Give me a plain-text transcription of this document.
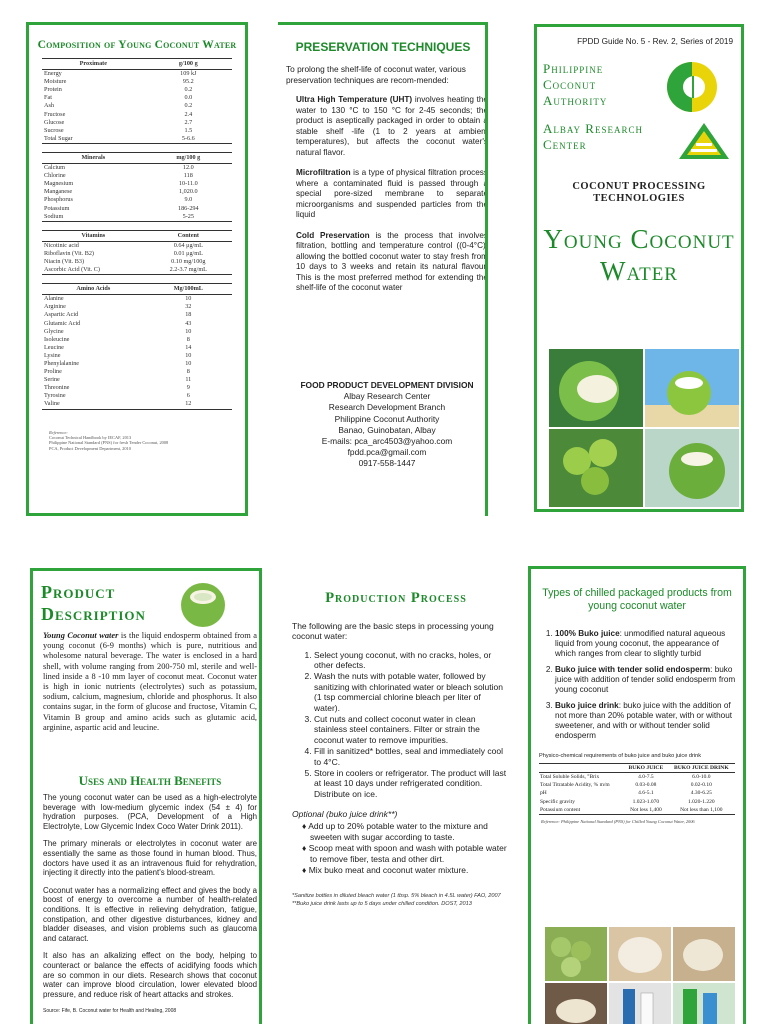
Composition of Young Coconut Water
Proximate	g/100 g
Energy	109 kJ
Moisture	95.2
Protein	0.2
Fat	0.0
Ash	0.2
Fructose	2.4
Glucose	2.7
Sucrose	1.5
Total Sugar	5-6.6
Minerals	mg/100 g
Calcium	12.0
Chlorine	118
Magnesium	10-11.0
Manganese	1,020.0
Phosphorus	9.0
Potassium	186-294
Sodium	5-25
Vitamins	Content
Nicotinic acid	0.64 μg/mL
Riboflavin (Vit. B2)	0.01 μg/mL
Niacin (Vit. B3)	0.10 mg/100g
Ascorbic Acid (Vit. C)	2.2-3.7 mg/mL
Amino Acids	Mg/100mL
Alanine	10
Arginine	32
Aspartic Acid	18
Glutamic Acid	43
Glycine	10
Isoleucine	8
Leucine	14
Lysine	10
Phenylalanine	10
Proline	8
Serine	11
Threonine	9
Tyrosine	6
Valine	12
Reference:
Coconut Technical Handbook by IECAF, 2013
Philippine National Standard (PNS) for fresh Tender Coconut, 2008
PCA, Product Development Department, 2010
PRESERVATION TECHNIQUES
To prolong the shelf-life of coconut water, various preservation techniques are recom-mended:
Ultra High Temperature (UHT) involves heating the water to 130 °C to 150 °C for 2-45 seconds; the product is aseptically packaged in order to obtain a stable shelf -life (1 to 2 years at ambient temperatures), but affects the coconut water's natural flavor.
Microfiltration is a type of physical filtration process where a contaminated fluid is passed through a special pore-sized membrane to separate microorganisms and suspended particles from the liquid
Cold Preservation is the process that involves filtration, bottling and temperature control ((0-4°C), allowing the bottled coconut water to stay fresh from 10 days to 3 weeks and retain its natural flavour. This is the most preferred method for extending the shelf-life of the coconut water
FOOD PRODUCT DEVELOPMENT DIVISION
Albay Research Center
Research Development Branch
Philippine Coconut Authority
Banao, Guinobatan, Albay
E-mails: pca_arc4503@yahoo.com
fpdd.pca@gmail.com
0917-558-1447
FPDD Guide No. 5 - Rev. 2, Series of 2019
Philippine Coconut Authority
Albay Research Center
COCONUT PROCESSING TECHNOLOGIES
Young Coconut Water
Product Description
Young Coconut water is the liquid endosperm obtained from a young coconut (6-9 months) which is pure, nutritious and wholesome natural beverage. The water is enclosed in a hard shell, with volume ranging from 200-750 ml, sterile and well-lined inside a 8 -10 mm layer of coconut meat. Coconut water is high in ionic nutrients (electrolytes) such as potassium, sodium, calcium, magnesium, chloride and phosphorus. It also contains sugar, in the form of glucose and fructose, Vitamin C, Vitamin B group and amino acids such as glutamic acid, arginine, aspartic acid and leucine.
Uses and Health Benefits

The young coconut water can be used as a high-electrolyte beverage with low-medium glycemic index (54 ± 4) for hydration purposes. (PCA, Development of a High Electrolyte, Low Glycemic Index Coco Water Drink 2011).

The primary minerals or electrolytes in coconut water are essentially the same as those found in human blood. Thus, doctors have used it as an intravenous fluid for rehydration, injecting it directly into the patient's blood-stream.

Coconut water has a normalizing effect and gives the body a boost of energy to overcome a number of health-related conditions. It is effective in relieving dehydration, fatigue, constipation, and other digestive disturbances, kidney and bladder diseases, and vision problems such as glaucoma and cataract.

It also has an alkalizing effect on the body, helping to counteract or balance the effects of acidifying foods which are so common in our diets. Research shows that coconut water can improve blood circulation, lower elevated blood pressure, and reduce risk of heart attacks and strokes.

Source: Fife, B. Coconut water for Health and Healing, 2008

Production Process
The following are the basic steps in processing young coconut water:
1. Select young coconut, with no cracks, holes, or other defects.
2. Wash the nuts with potable water, followed by sanitizing with chlorinated water or bleach solution (1 tsp commercial chlorine bleach per liter of water).
3. Cut nuts and collect coconut water in clean stainless steel containers. Filter or strain the coconut water to remove impurities.
4. Fill in sanitized* bottles, seal and immediately cool to 4°C.
5. Store in coolers or refrigerator. The product will last at least 10 days under refrigerated condition. Distribute on ice.
Optional (buko juice drink**)
♦ Add up to 20% potable water to the mixture and sweeten with sugar according to taste.
♦ Scoop meat with spoon and wash with potable water to remove fiber, testa and other dirt.
♦ Mix buko meat and coconut water mixture.
*Sanitize bottles in diluted bleach water (1 tbsp. 5% bleach in 4.5L water) FAO, 2007
**Buko juice drink lasts up to 5 days under chilled condition. DOST, 2013
Types of chilled packaged products from young coconut water
1. 100% Buko juice: unmodified natural aqueous liquid from young coconut, the appearance of which ranges from clear to slightly turbid
2. Buko juice with tender solid endosperm: buko juice with addition of tender solid endosperm from young coconut
3. Buko juice drink: buko juice with the addition of not more than 20% potable water, with or without sweetener, and with or without tender solid endosperm
Physico-chemical requirements of buko juice and buko juice drink
	BUKO JUICE	BUKO JUICE DRINK
Total Soluble Solids, °Brix	4.0-7.5	6.0-10.0
Total Titratable Acidity, % m/m	0.03-0.08	0.02-0.10
pH	4.6-5.1	4.30-6.25
Specific gravity	1.023-1.070	1.020-1.220
Potassium content	Not less 1,400	Not less than 1,100
Reference: Philippine National Standard (PNS) for Chilled Young Coconut Water, 2006
